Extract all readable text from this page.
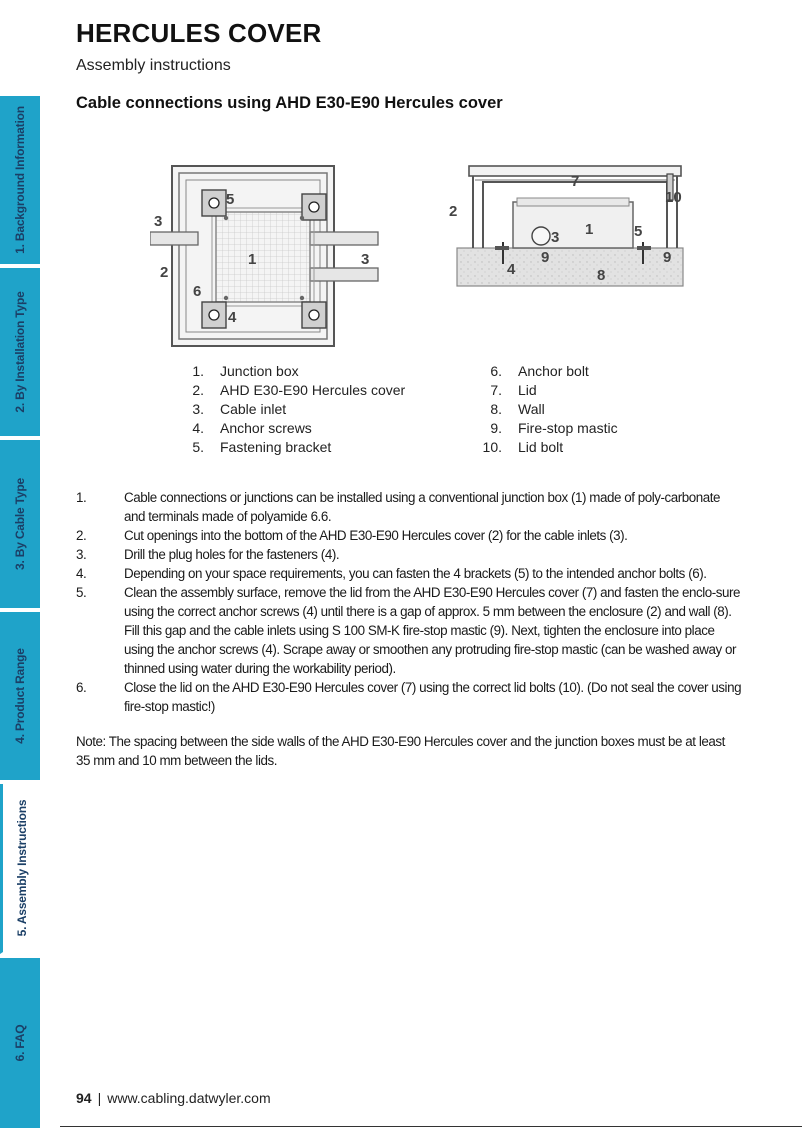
1. Background Information
2. By Installation Type
3. By Cable Type
4. Product Range
5. Assembly Instructions
6. FAQ
HERCULES COVER

Assembly instructions

Cable connections using AHD E30-E90 Hercules cover
1
2
3
3
4
5
6
1
2
3
4
5
7
8
9	9
10
1. Junction box
2. AHD E30-E90 Hercules cover
3. Cable inlet
4. Anchor screws
5. Fastening bracket
6. Anchor bolt
7. Lid
8. Wall
9. Fire-stop mastic
10. Lid bolt

1.	Cable connections or junctions can be installed using a conventional junction box (1) made of poly-carbonate and terminals made of polyamide 6.6.

2.	Cut openings into the bottom of the AHD E30-E90 Hercules cover (2) for the cable inlets (3).

3.	Drill the plug holes for the fasteners (4).

4.	Depending on your space requirements, you can fasten the 4 brackets (5) to the intended anchor bolts (6).

5.	Clean the assembly surface, remove the lid from the AHD E30-E90 Hercules cover (7) and fasten the enclo-sure using the correct anchor screws (4) until there is a gap of approx. 5 mm between the enclosure (2) and wall (8). Fill this gap and the cable inlets using S 100 SM-K fire-stop mastic (9). Next, tighten the enclosure into place using the anchor screws (4). Scrape away or smoothen any protruding fire-stop mastic (can be washed away or thinned using water during the workability period).

6.	Close the lid on the AHD E30-E90 Hercules cover (7) using the correct lid bolts (10). (Do not seal the cover using fire-stop mastic!)

Note: The spacing between the side walls of the AHD E30-E90 Hercules cover and the junction boxes must be at least 35 mm and 10 mm between the lids.

94 | www.cabling.datwyler.com
